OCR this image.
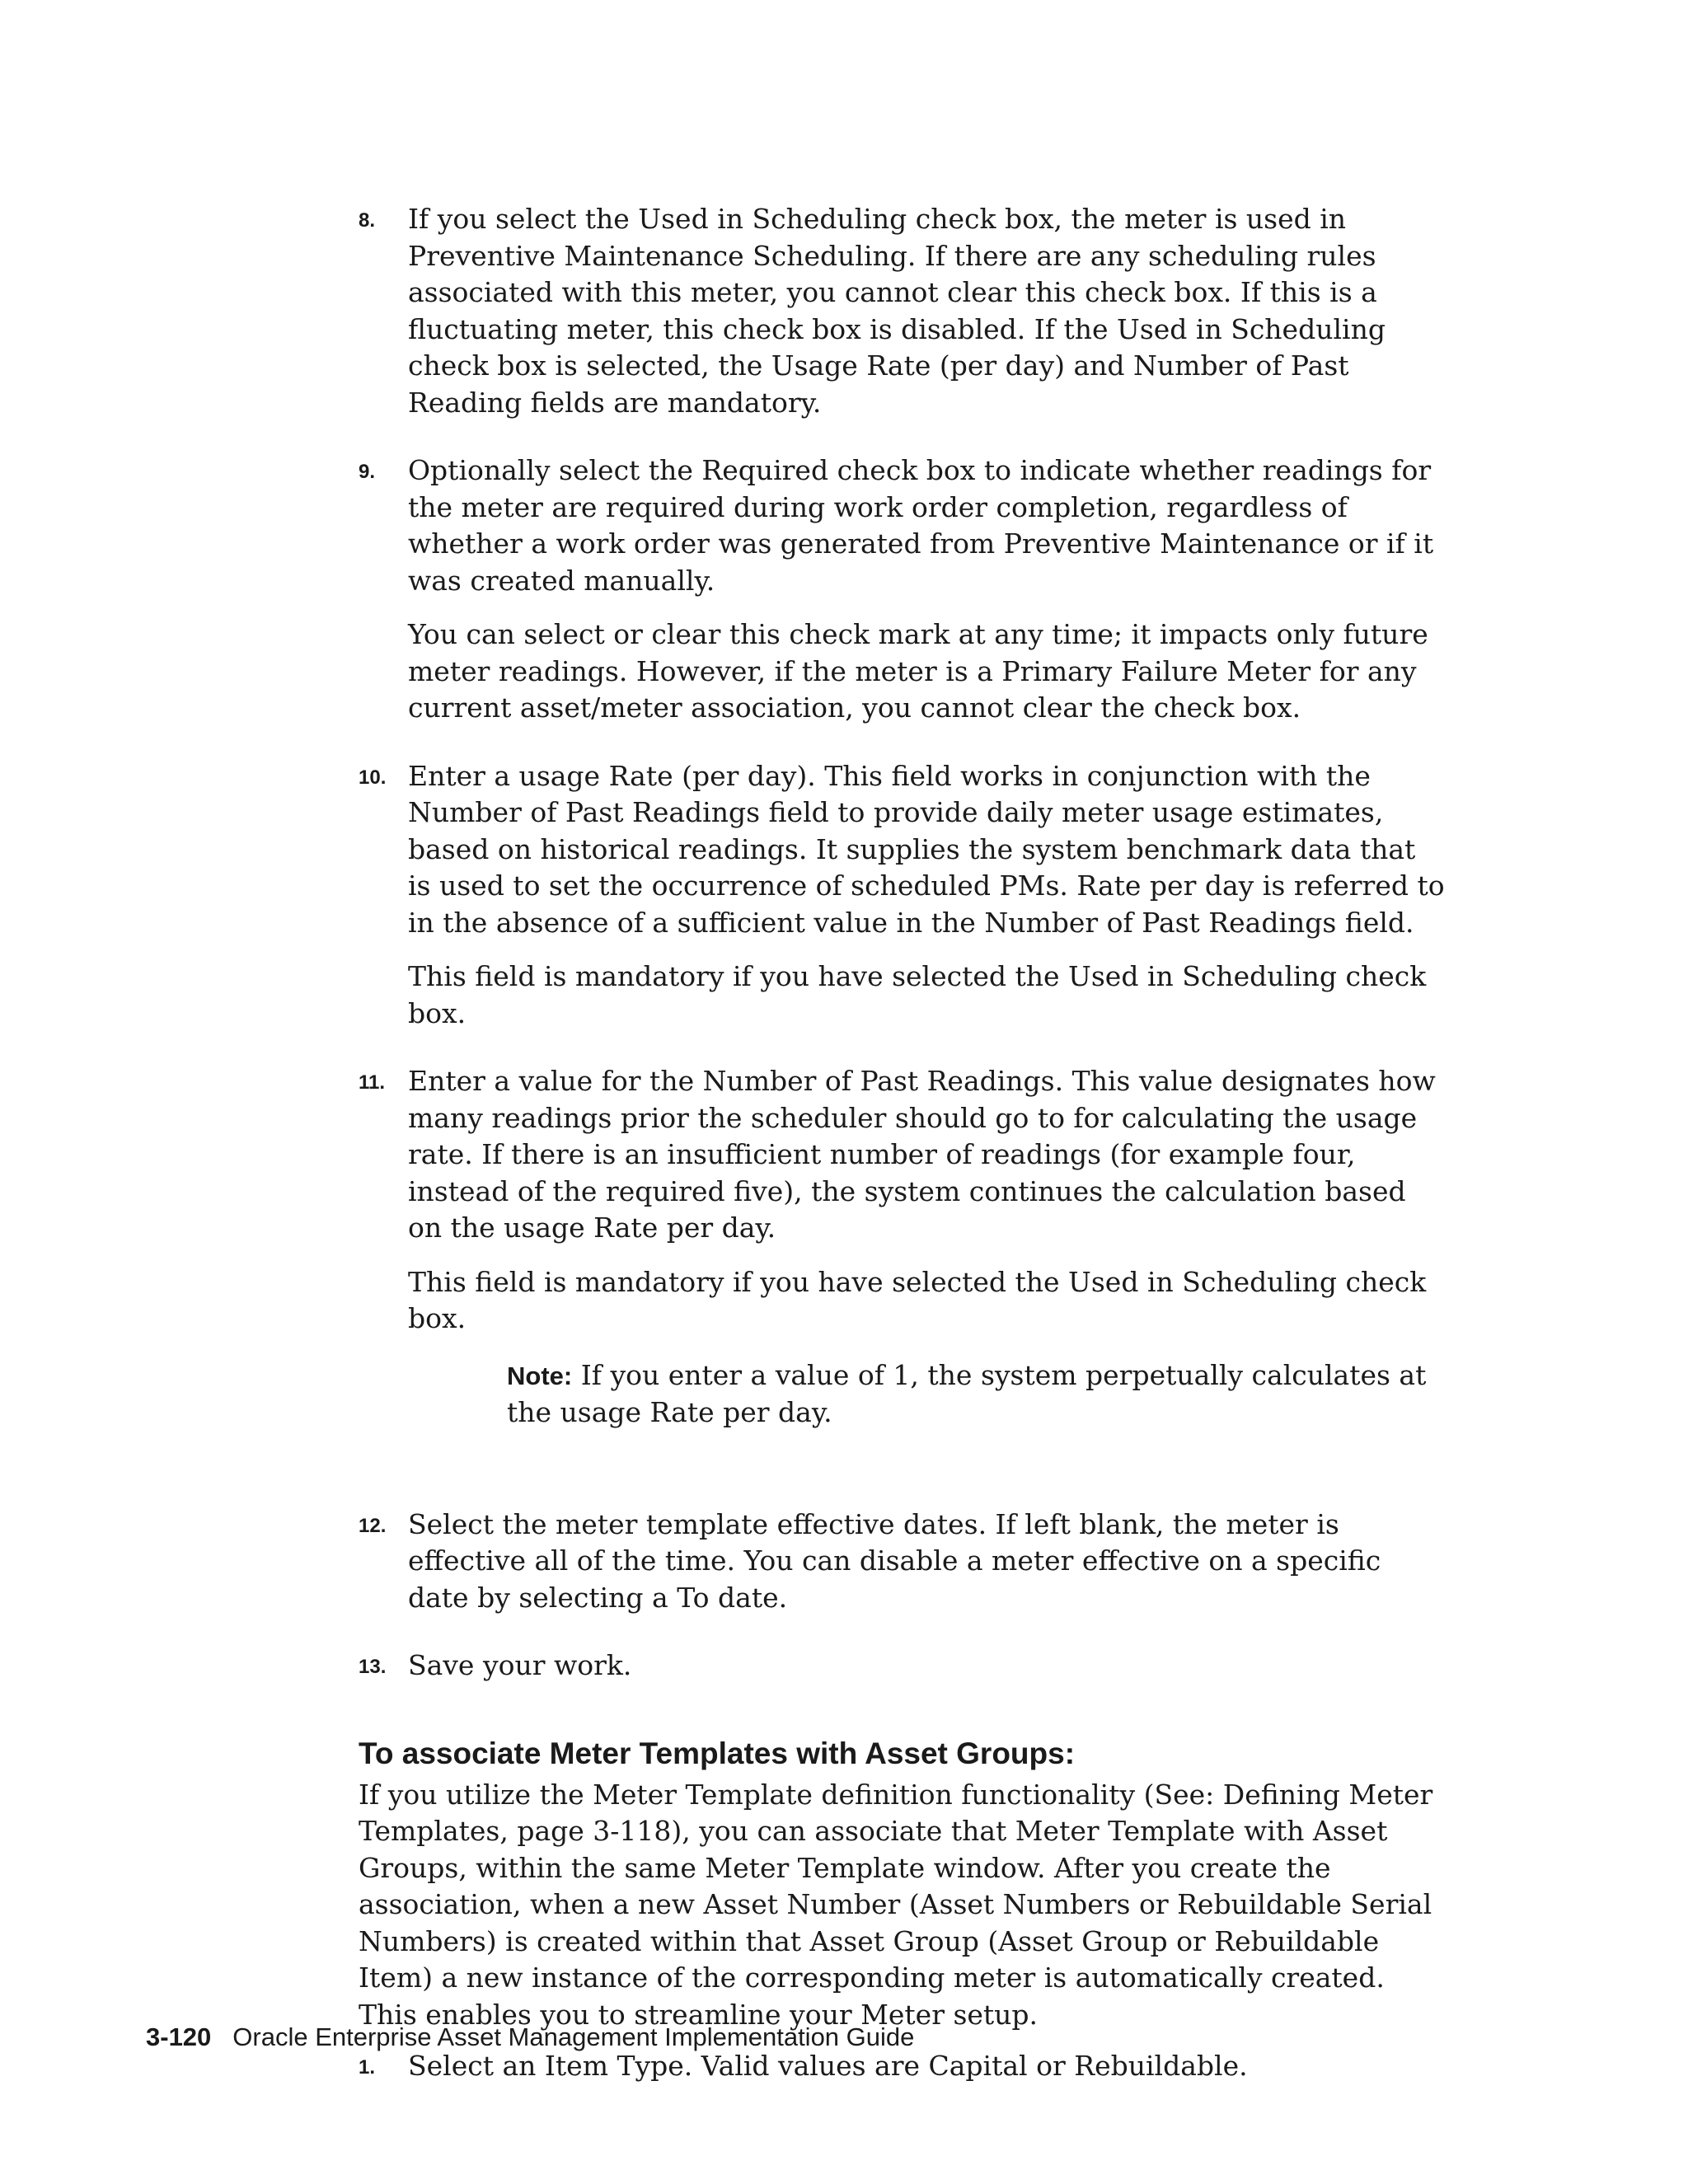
8. If you select the Used in Scheduling check box, the meter is used in Preventive Maintenance Scheduling. If there are any scheduling rules associated with this meter, you cannot clear this check box. If this is a fluctuating meter, this check box is disabled. If the Used in Scheduling check box is selected, the Usage Rate (per day) and Number of Past Reading fields are mandatory.

9. Optionally select the Required check box to indicate whether readings for the meter are required during work order completion, regardless of whether a work order was generated from Preventive Maintenance or if it was created manually.

You can select or clear this check mark at any time; it impacts only future meter readings. However, if the meter is a Primary Failure Meter for any current asset/meter association, you cannot clear the check box.

10. Enter a usage Rate (per day). This field works in conjunction with the Number of Past Readings field to provide daily meter usage estimates, based on historical readings. It supplies the system benchmark data that is used to set the occurrence of scheduled PMs. Rate per day is referred to in the absence of a sufficient value in the Number of Past Readings field.

This field is mandatory if you have selected the Used in Scheduling check box.

11. Enter a value for the Number of Past Readings. This value designates how many readings prior the scheduler should go to for calculating the usage rate. If there is an insufficient number of readings (for example four, instead of the required five), the system continues the calculation based on the usage Rate per day.

This field is mandatory if you have selected the Used in Scheduling check box.

Note: If you enter a value of 1, the system perpetually calculates at the usage Rate per day.
12. Select the meter template effective dates. If left blank, the meter is effective all of the time. You can disable a meter effective on a specific date by selecting a To date.

13. Save your work.

To associate Meter Templates with Asset Groups:

If you utilize the Meter Template definition functionality (See: Defining Meter Templates, page 3-118), you can associate that Meter Template with Asset Groups, within the same Meter Template window. After you create the association, when a new Asset Number (Asset Numbers or Rebuildable Serial Numbers) is created within that Asset Group (Asset Group or Rebuildable Item) a new instance of the corresponding meter is automatically created. This enables you to streamline your Meter setup.

1. Select an Item Type. Valid values are Capital or Rebuildable.

3-120 Oracle Enterprise Asset Management Implementation Guide
